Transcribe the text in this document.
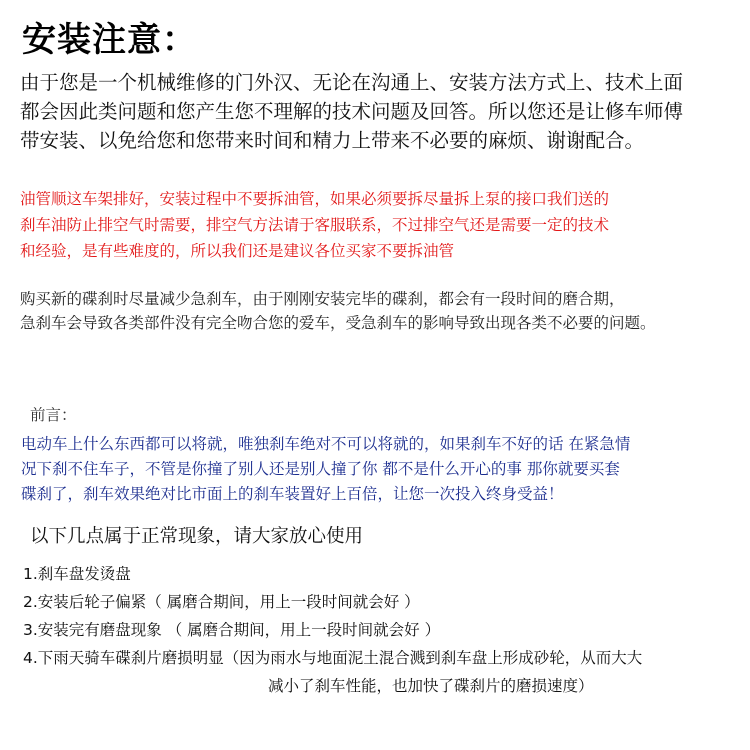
安装注意：
由于您是一个机械维修的门外汉、无论在沟通上、安装方法方式上、技术上面
都会因此类问题和您产生您不理解的技术问题及回答。所以您还是让修车师傅
带安装、以免给您和您带来时间和精力上带来不必要的麻烦、谢谢配合。
油管顺这车架排好，安装过程中不要拆油管，如果必须要拆尽量拆上泵的接口我们送的
刹车油防止排空气时需要，排空气方法请于客服联系，不过排空气还是需要一定的技术
和经验，是有些难度的，所以我们还是建议各位买家不要拆油管
购买新的碟刹时尽量减少急刹车，由于刚刚安装完毕的碟刹，都会有一段时间的磨合期，
急刹车会导致各类部件没有完全吻合您的爱车，受急刹车的影响导致出现各类不必要的问题。
前言：
电动车上什么东西都可以将就，唯独刹车绝对不可以将就的，如果刹车不好的话 在紧急情
况下刹不住车子，不管是你撞了别人还是别人撞了你 都不是什么开心的事 那你就要买套
碟刹了，刹车效果绝对比市面上的刹车装置好上百倍，让您一次投入终身受益！
以下几点属于正常现象，请大家放心使用
1.刹车盘发烫盘
2.安装后轮子偏紧（ 属磨合期间，用上一段时间就会好 ）
3.安装完有磨盘现象 （ 属磨合期间，用上一段时间就会好 ）
4.下雨天骑车碟刹片磨损明显（因为雨水与地面泥土混合溅到刹车盘上形成砂轮，从而大大
减小了刹车性能，也加快了碟刹片的磨损速度）
